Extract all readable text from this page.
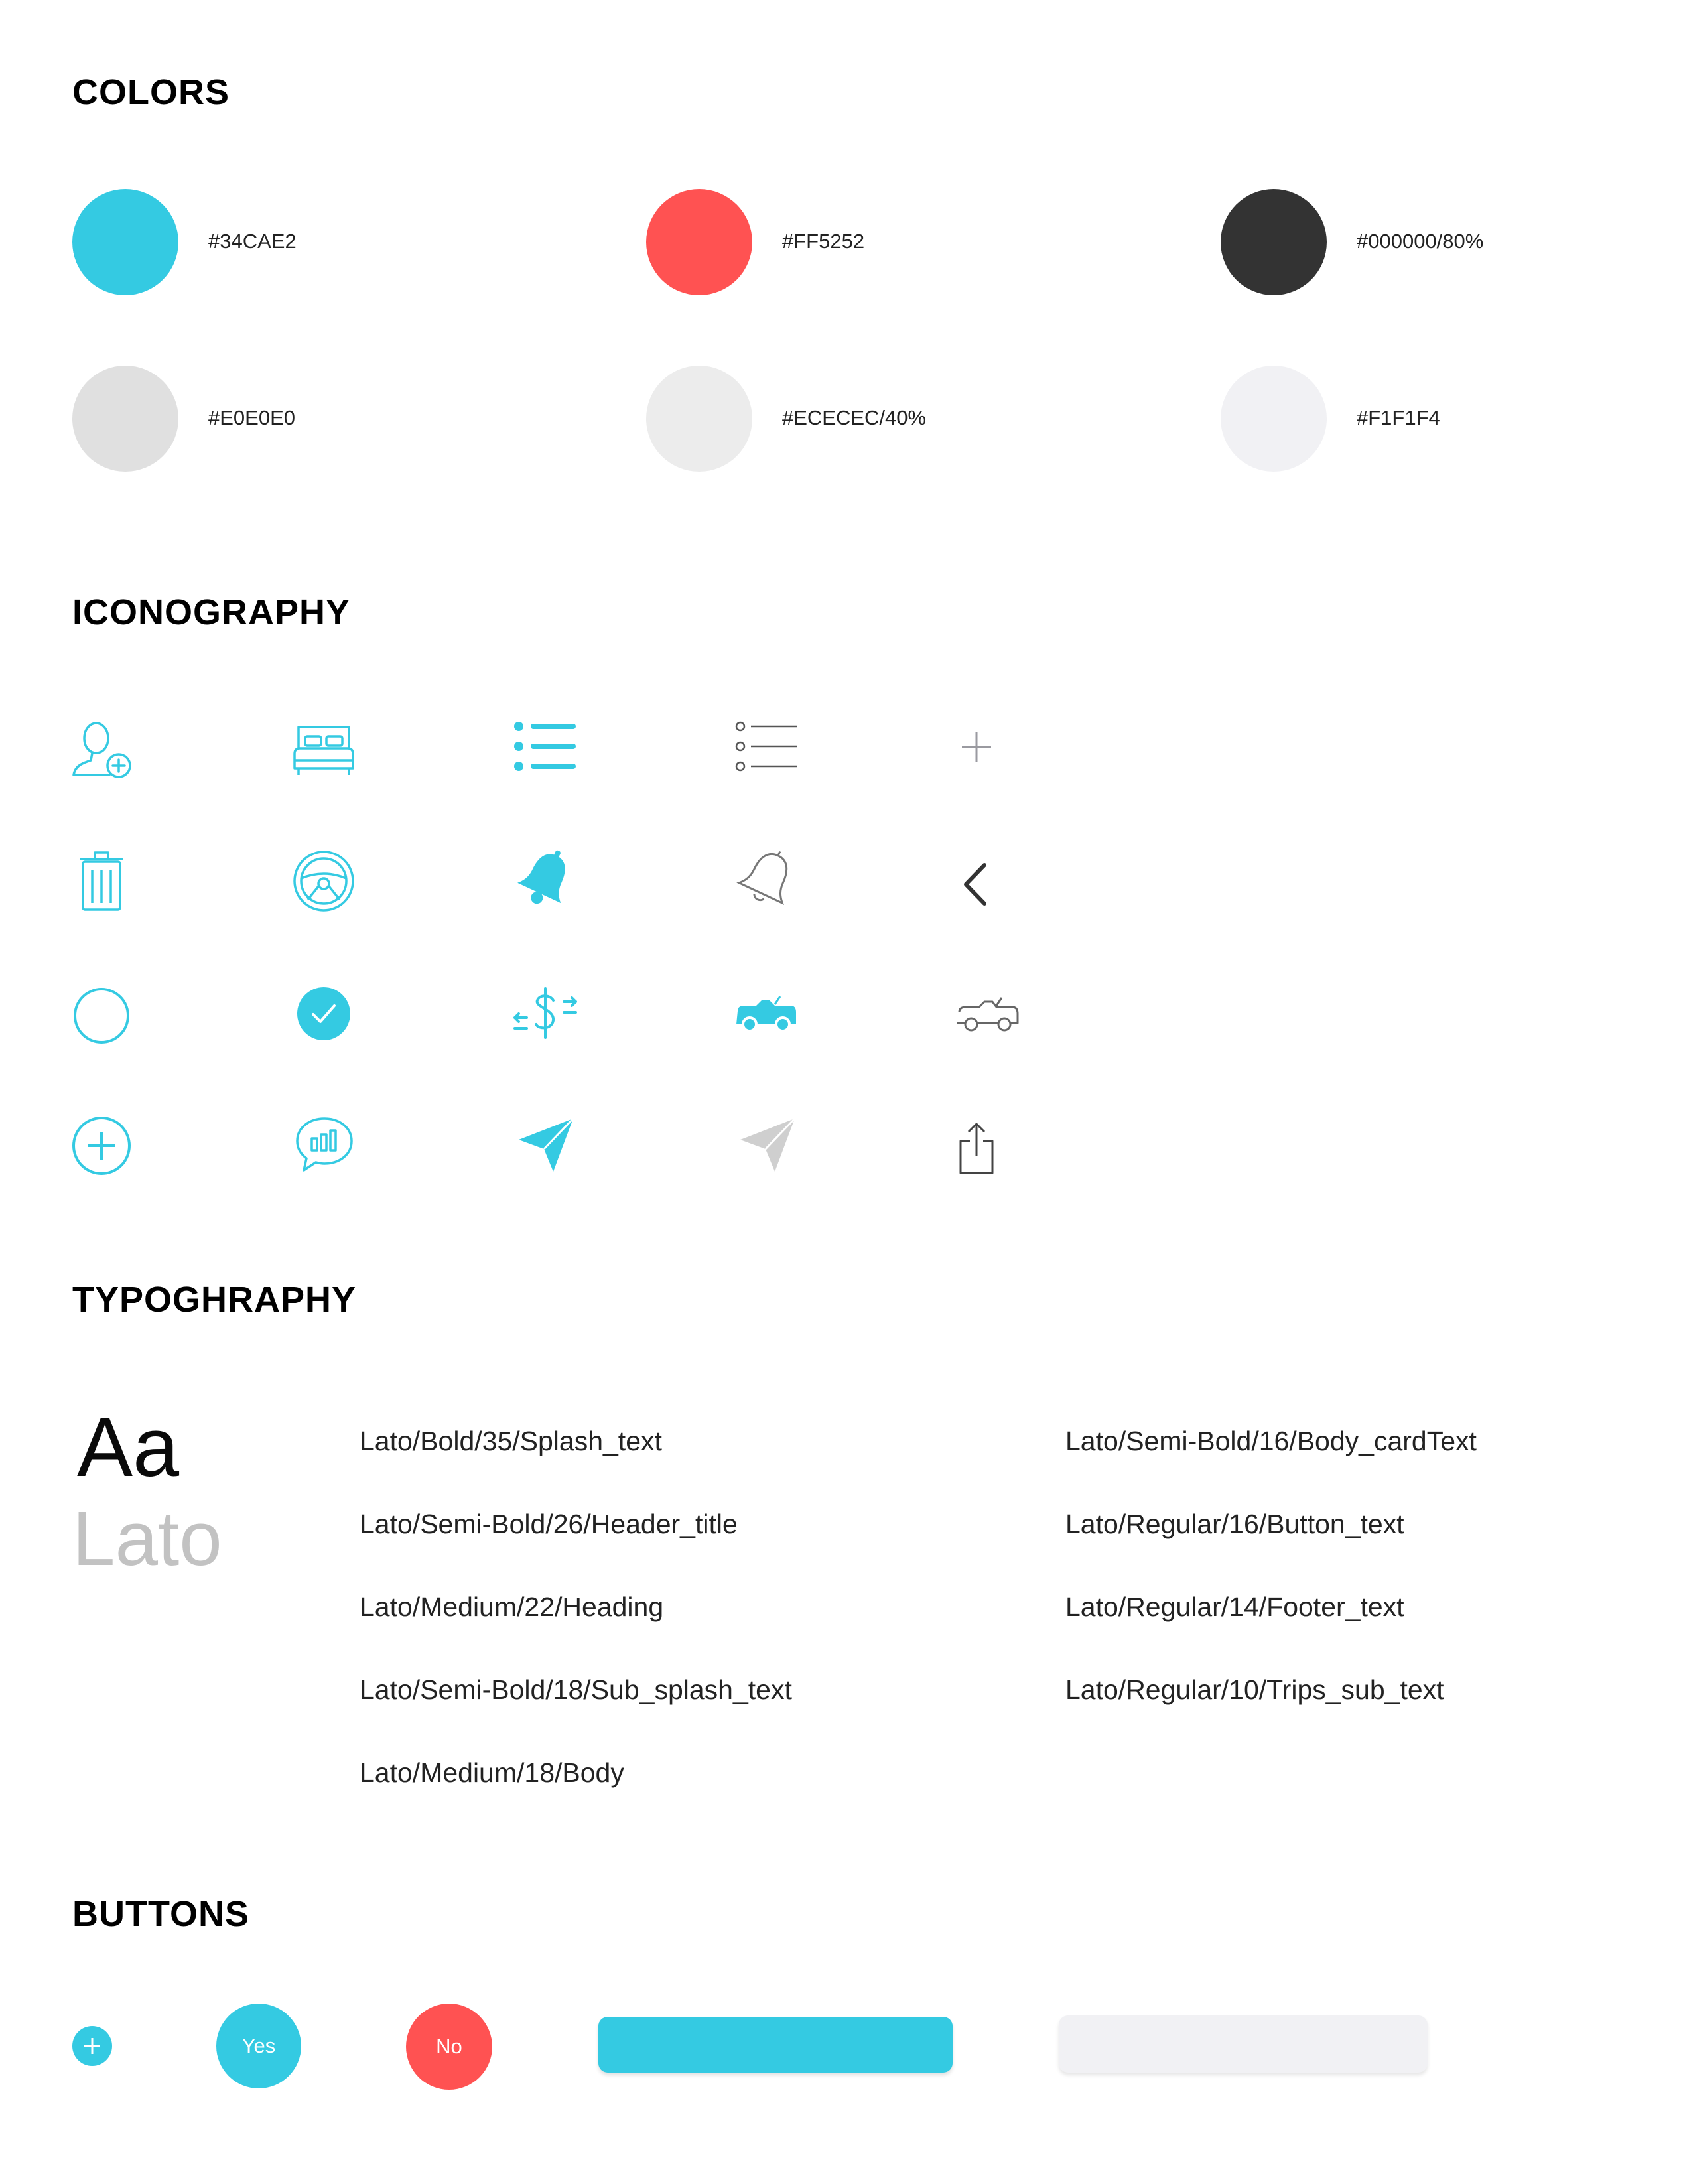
COLORS
#34CAE2	#FF5252	#000000/80%
#E0E0E0	#ECECEC/40%	#F1F1F4
ICONOGRAPHY
TYPOGHRAPHY
Aa
Lato
Lato/Bold/35/Splash_text
Lato/Semi-Bold/26/Header_title
Lato/Medium/22/Heading
Lato/Semi-Bold/18/Sub_splash_text
Lato/Medium/18/Body
Lato/Semi-Bold/16/Body_cardText
Lato/Regular/16/Button_text
Lato/Regular/14/Footer_text
Lato/Regular/10/Trips_sub_text
BUTTONS
Yes	No
